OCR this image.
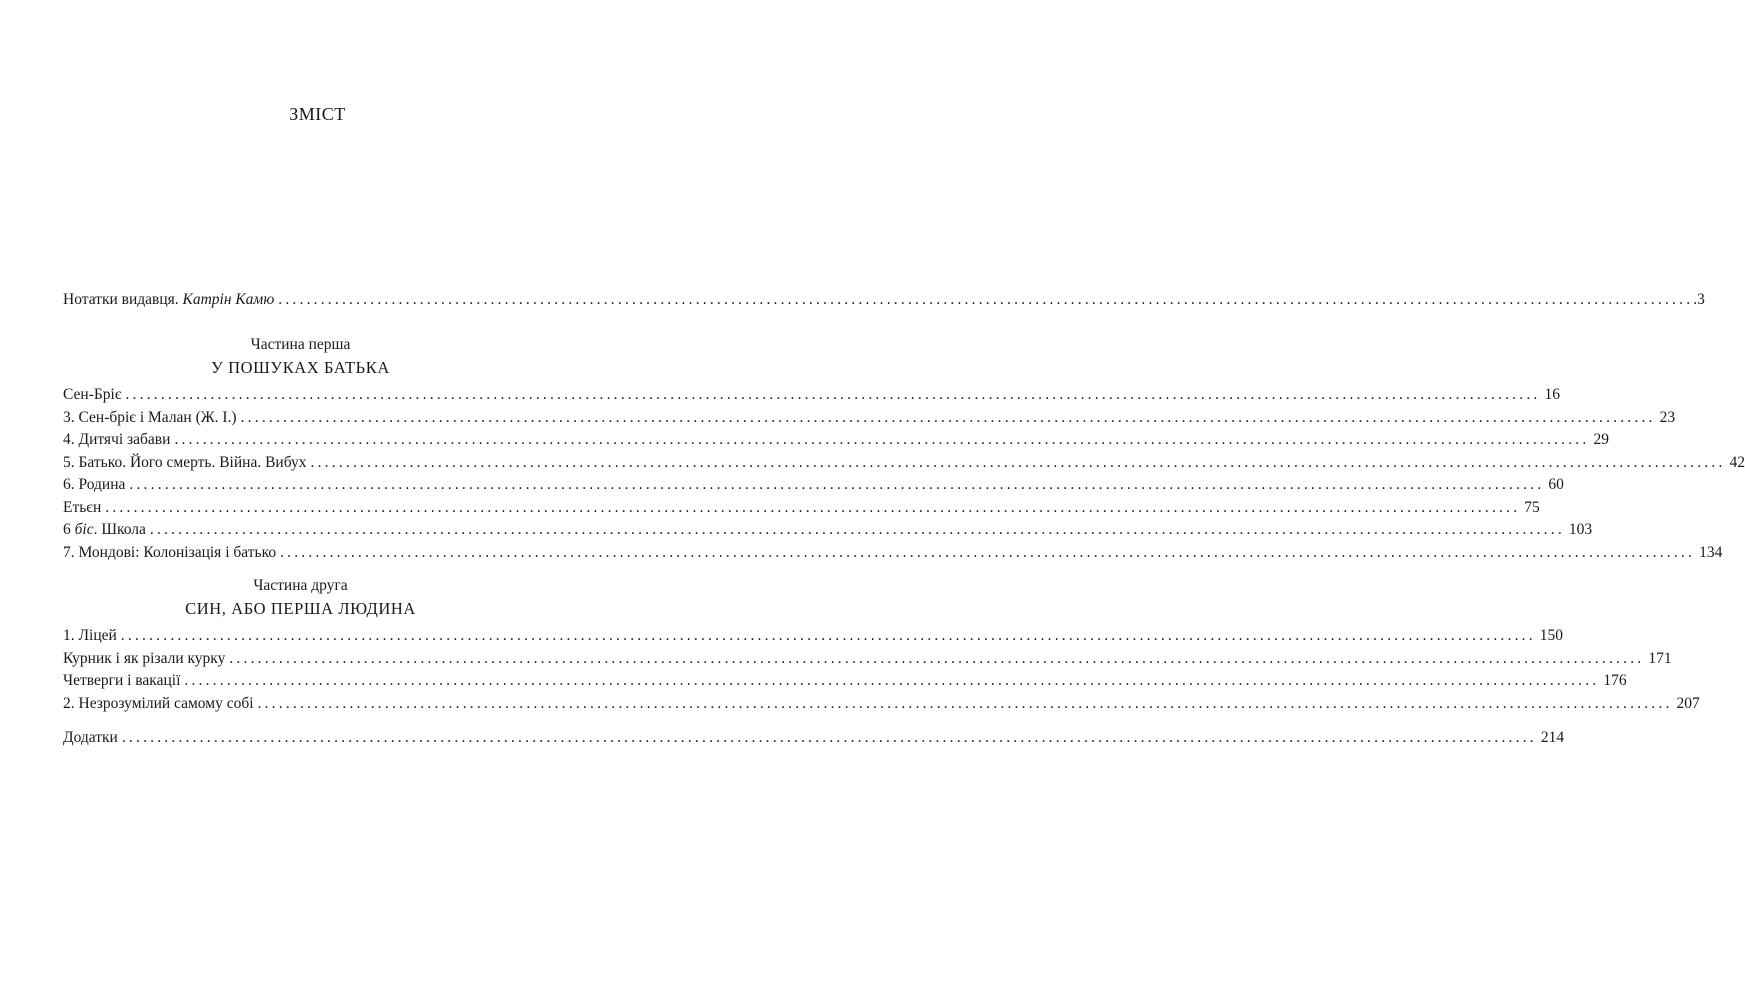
ЗМІСТ
Нотатки видавця. Катрін Камю ........................................................................................................................................................................................................ .3
Частина перша
У ПОШУКАХ БАТЬКА
Сен-Бріє ........................................................................................................................................................................................................ 16
3. Сен-бріє і Малан (Ж. І.) ........................................................................................................................................................................................................ 23
4. Дитячі забави ........................................................................................................................................................................................................ 29
5. Батько. Його смерть. Війна. Вибух ........................................................................................................................................................................................................ 42
6. Родина ........................................................................................................................................................................................................ 60
Етьєн ........................................................................................................................................................................................................ 75
6 біс. Школа ........................................................................................................................................................................................................ 103
7. Мондові: Колонізація і батько ........................................................................................................................................................................................................ 134
Частина друга
СИН, АБО ПЕРША ЛЮДИНА
1. Ліцей ........................................................................................................................................................................................................ 150
Курник і як різали курку ........................................................................................................................................................................................................ 171
Четверги і вакації ........................................................................................................................................................................................................ 176
2. Незрозумілий самому собі ........................................................................................................................................................................................................ 207
Додатки ........................................................................................................................................................................................................ 214
